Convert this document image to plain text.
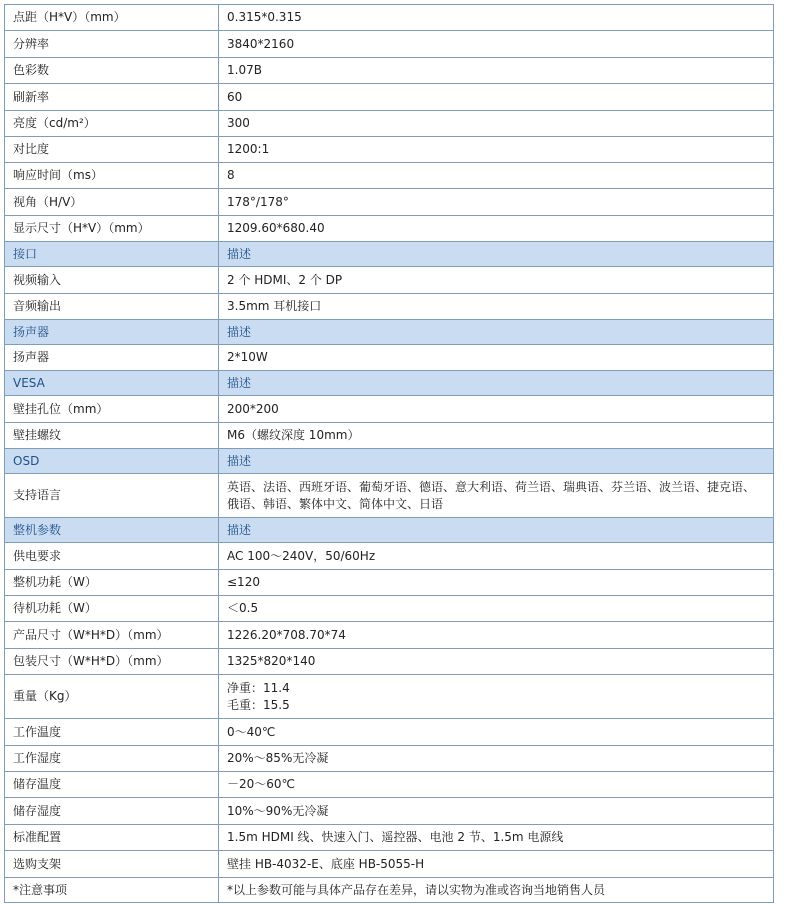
点距（H*V）（mm）	0.315*0.315
分辨率	3840*2160
色彩数	1.07B
刷新率	60
亮度（cd/m²）	300
对比度	1200:1
响应时间（ms）	8
视角（H/V）	178°/178°
显示尺寸（H*V）（mm）	1209.60*680.40
接口	描述
视频输入	2 个 HDMI、2 个 DP
音频输出	3.5mm 耳机接口
扬声器	描述
扬声器	2*10W
VESA	描述
壁挂孔位（mm）	200*200
壁挂螺纹	M6（螺纹深度 10mm）
OSD	描述
支持语言	英语、法语、西班牙语、葡萄牙语、德语、意大利语、荷兰语、瑞典语、芬兰语、波兰语、捷克语、俄语、韩语、繁体中文、简体中文、日语
整机参数	描述
供电要求	AC 100～240V，50/60Hz
整机功耗（W）	≤120
待机功耗（W）	＜0.5
产品尺寸（W*H*D）（mm）	1226.20*708.70*74
包装尺寸（W*H*D）（mm）	1325*820*140
重量（Kg）	净重：11.4
毛重：15.5

工作温度	0～40℃
工作湿度	20%～85%无冷凝
储存温度	－20～60℃
储存湿度	10%～90%无冷凝
标准配置	1.5m HDMI 线、快速入门、遥控器、电池 2 节、1.5m 电源线
选购支架	壁挂 HB-4032-E、底座 HB-5055-H
*注意事项	*以上参数可能与具体产品存在差异，请以实物为准或咨询当地销售人员
